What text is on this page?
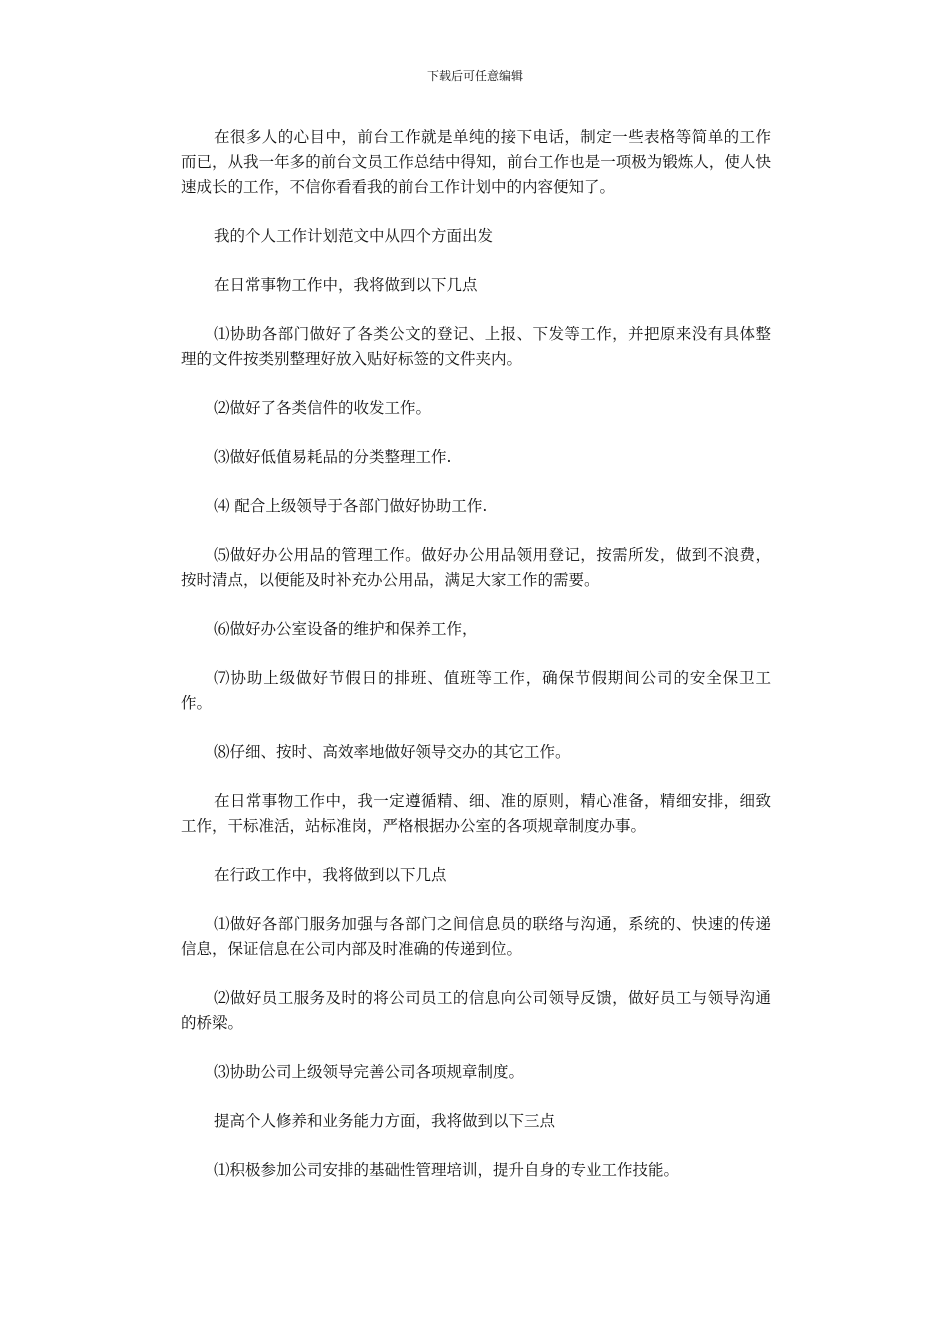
下载后可任意编辑

在很多人的心目中，前台工作就是单纯的接下电话，制定一些表格等简单的工作而已，从我一年多的前台文员工作总结中得知，前台工作也是一项极为锻炼人，使人快速成长的工作，不信你看看我的前台工作计划中的内容便知了。

我的个人工作计划范文中从四个方面出发

在日常事物工作中，我将做到以下几点

⑴协助各部门做好了各类公文的登记、上报、下发等工作，并把原来没有具体整理的文件按类别整理好放入贴好标签的文件夹内。

⑵做好了各类信件的收发工作。

⑶做好低值易耗品的分类整理工作.

⑷ 配合上级领导于各部门做好协助工作.

⑸做好办公用品的管理工作。做好办公用品领用登记，按需所发，做到不浪费，按时清点，以便能及时补充办公用品，满足大家工作的需要。

⑹做好办公室设备的维护和保养工作，

⑺协助上级做好节假日的排班、值班等工作，确保节假期间公司的安全保卫工作。

⑻仔细、按时、高效率地做好领导交办的其它工作。

在日常事物工作中，我一定遵循精、细、准的原则，精心准备，精细安排，细致工作，干标准活，站标准岗，严格根据办公室的各项规章制度办事。

在行政工作中，我将做到以下几点

⑴做好各部门服务加强与各部门之间信息员的联络与沟通，系统的、快速的传递信息，保证信息在公司内部及时准确的传递到位。

⑵做好员工服务及时的将公司员工的信息向公司领导反馈，做好员工与领导沟通的桥梁。

⑶协助公司上级领导完善公司各项规章制度。

提高个人修养和业务能力方面，我将做到以下三点

⑴积极参加公司安排的基础性管理培训，提升自身的专业工作技能。
